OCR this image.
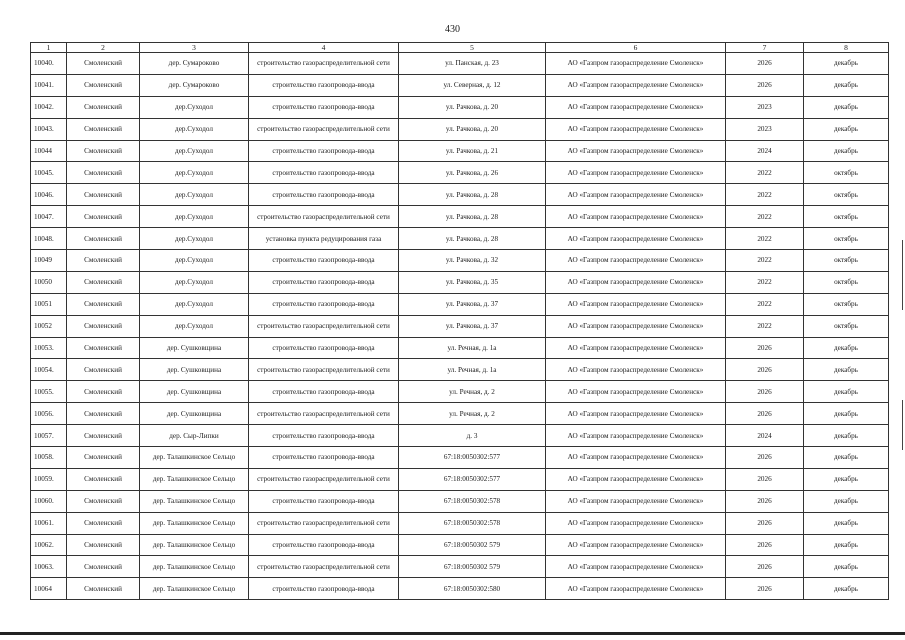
430
1	2	3	4	5	6	7	8
10040.	Смоленский	дер. Сумароково	строительство газораспределительной сети	ул. Панская, д. 23	АО «Газпром газораспределение Смоленск»	2026	декабрь
10041.	Смоленский	дер. Сумароково	строительство газопровода-ввода	ул. Северная, д. 12	АО «Газпром газораспределение Смоленск»	2026	декабрь
10042.	Смоленский	дер.Суходол	строительство газопровода-ввода	ул. Рачкова, д. 20	АО «Газпром газораспределение Смоленск»	2023	декабрь
10043.	Смоленский	дер.Суходол	строительство газораспределительной сети	ул. Рачкова, д. 20	АО «Газпром газораспределение Смоленск»	2023	декабрь
10044	Смоленский	дер.Суходол	строительство газопровода-ввода	ул. Рачкова, д. 21	АО «Газпром газораспределение Смоленск»	2024	декабрь
10045.	Смоленский	дер.Суходол	строительство газопровода-ввода	ул. Рачкова, д. 26	АО «Газпром газораспределение Смоленск»	2022	октябрь
10046.	Смоленский	дер.Суходол	строительство газопровода-ввода	ул. Рачкова, д. 28	АО «Газпром газораспределение Смоленск»	2022	октябрь
10047.	Смоленский	дер.Суходол	строительство газораспределительной сети	ул. Рачкова, д. 28	АО «Газпром газораспределение Смоленск»	2022	октябрь
10048.	Смоленский	дер.Суходол	установка пункта редуцирования газа	ул. Рачкова, д. 28	АО «Газпром газораспределение Смоленск»	2022	октябрь
10049	Смоленский	дер.Суходол	строительство газопровода-ввода	ул. Рачкова, д. 32	АО «Газпром газораспределение Смоленск»	2022	октябрь
10050	Смоленский	дер.Суходол	строительство газопровода-ввода	ул. Рачкова, д. 35	АО «Газпром газораспределение Смоленск»	2022	октябрь
10051	Смоленский	дер.Суходол	строительство газопровода-ввода	ул. Рачкова, д. 37	АО «Газпром газораспределение Смоленск»	2022	октябрь
10052	Смоленский	дер.Суходол	строительство газораспределительной сети	ул. Рачкова, д. 37	АО «Газпром газораспределение Смоленск»	2022	октябрь
10053.	Смоленский	дер. Сушковщина	строительство газопровода-ввода	ул. Речная, д. 1а	АО «Газпром газораспределение Смоленск»	2026	декабрь
10054.	Смоленский	дер. Сушковщина	строительство газораспределительной сети	ул. Речная, д. 1а	АО «Газпром газораспределение Смоленск»	2026	декабрь
10055.	Смоленский	дер. Сушковщина	строительство газопровода-ввода	ул. Речная, д. 2	АО «Газпром газораспределение Смоленск»	2026	декабрь
10056.	Смоленский	дер. Сушковщина	строительство газораспределительной сети	ул. Речная, д. 2	АО «Газпром газораспределение Смоленск»	2026	декабрь
10057.	Смоленский	дер. Сыр-Липки	строительство газопровода-ввода	д. 3	АО «Газпром газораспределение Смоленск»	2024	декабрь
10058.	Смоленский	дер. Талашкинское Сельцо	строительство газопровода-ввода	67:18:0050302:577	АО «Газпром газораспределение Смоленск»	2026	декабрь
10059.	Смоленский	дер. Талашкинское Сельцо	строительство газораспределительной сети	67:18:0050302:577	АО «Газпром газораспределение Смоленск»	2026	декабрь
10060.	Смоленский	дер. Талашкинское Сельцо	строительство газопровода-ввода	67:18:0050302:578	АО «Газпром газораспределение Смоленск»	2026	декабрь
10061.	Смоленский	дер. Талашкинское Сельцо	строительство газораспределительной сети	67:18:0050302:578	АО «Газпром газораспределение Смоленск»	2026	декабрь
10062.	Смоленский	дер. Талашкинское Сельцо	строительство газопровода-ввода	67:18:0050302 579	АО «Газпром газораспределение Смоленск»	2026	декабрь
10063.	Смоленский	дер. Талашкинское Сельцо	строительство газораспределительной сети	67:18:0050302 579	АО «Газпром газораспределение Смоленск»	2026	декабрь
10064	Смоленский	дер. Талашкинское Сельцо	строительство газопровода-ввода	67:18:0050302:580	АО «Газпром газораспределение Смоленск»	2026	декабрь
